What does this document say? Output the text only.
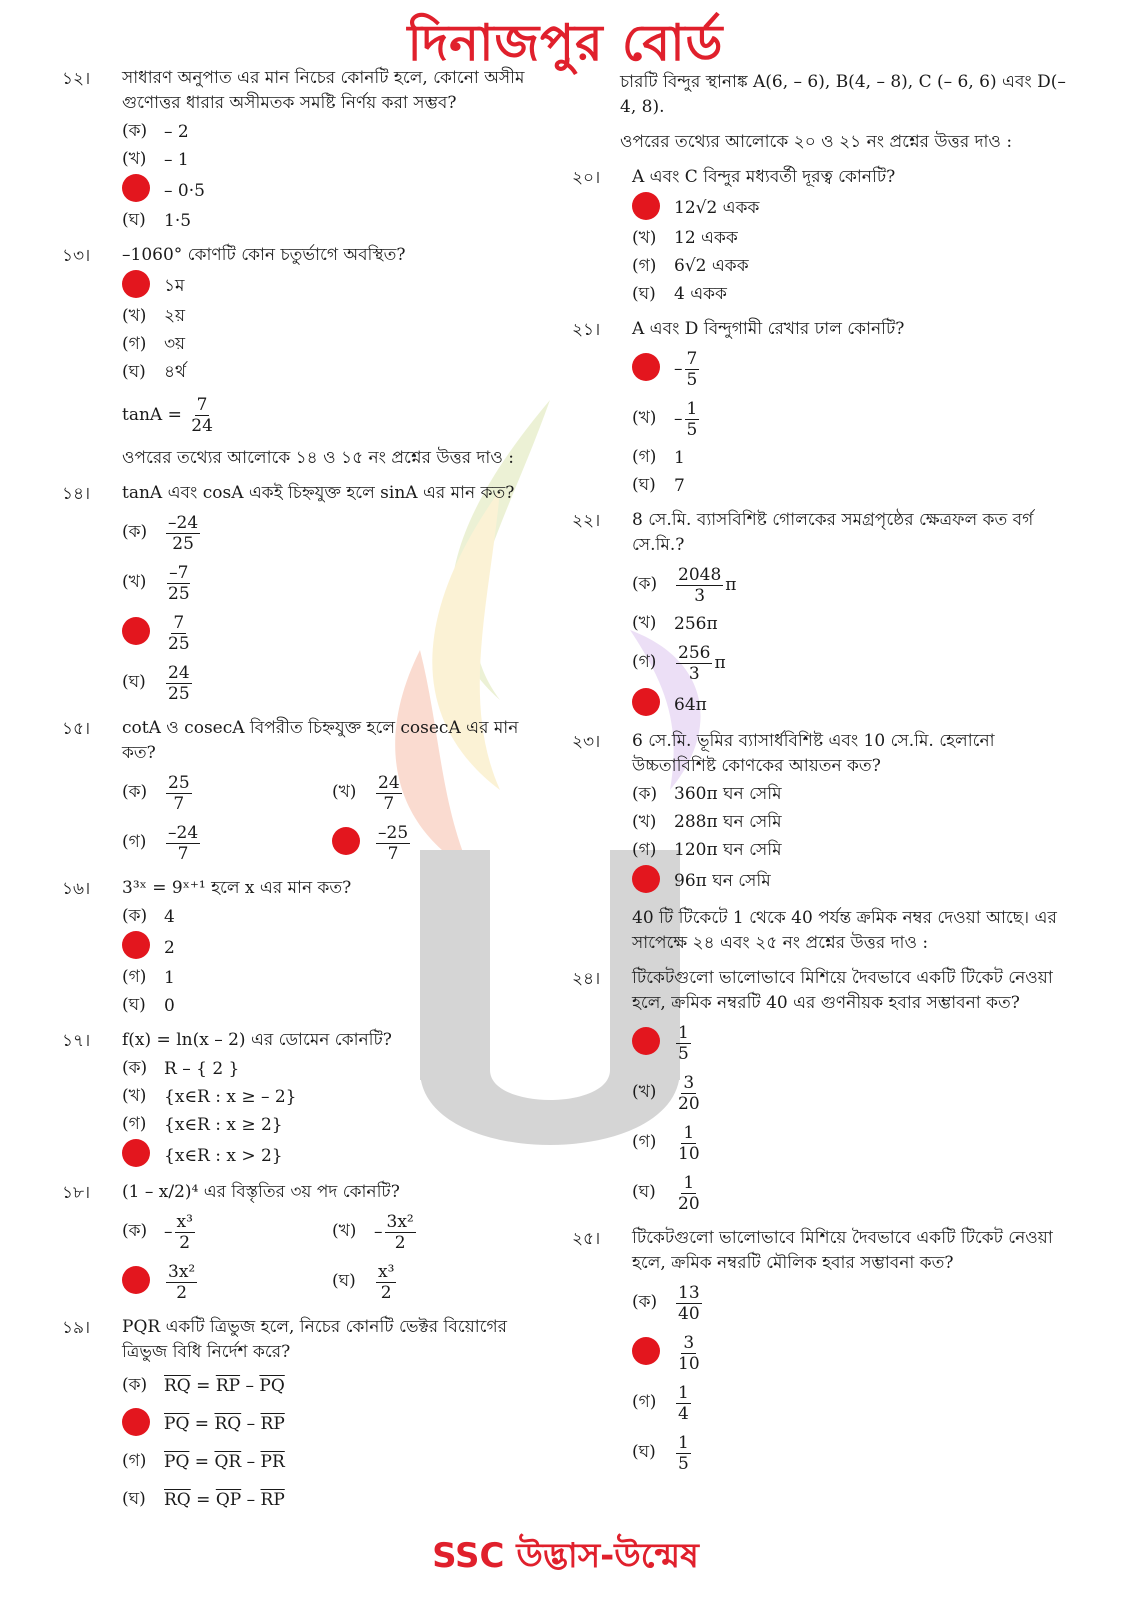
দিনাজপুর বোর্ড
১২। সাধারণ অনুপাত এর মান নিচের কোনটি হলে, কোনো অসীম গুণোত্তর ধারার অসীমতক সমষ্টি নির্ণয় করা সম্ভব?
(ক) – 2
(খ)	– 1
– 0·5
(ঘ)	1·5
১৩। –1060° কোণটি কোন চতুর্ভাগে অবস্থিত?
১ম
(খ)	২য়
(গ)	৩য়
(ঘ)	৪র্থ
$\tan A = \frac{7}{24}$
ওপরের তথ্যের আলোকে ১৪ ও ১৫ নং প্রশ্নের উত্তর দাও :
১৪। tanA এবং cosA একই চিহ্নযুক্ত হলে sinA এর মান কত?
(ক)	$\frac{-24}{25}$
(খ)	$\frac{-7}{25}$
$\frac{7}{25}$
(ঘ)	$\frac{24}{25}$
১৫। cotA ও cosecA বিপরীত চিহ্নযুক্ত হলে cosecA এর মান কত?
(ক)	$\frac{25}{7}$	(খ)	$\frac{24}{7}$
(গ)	$\frac{-24}{7}$	$\frac{-25}{7}$
১৬। 3³ˣ = 9ˣ⁺¹ হলে x এর মান কত?
(ক) 4
2
(গ)	1
(ঘ)	0
১৭। f(x) = ln(x – 2) এর ডোমেন কোনটি?
(ক) R – { 2 }
(খ)	{x∈R : x ≥ – 2}
(গ)	{x∈R : x ≥ 2}
{x∈R : x > 2}
১৮। (1 – x/2)⁴ এর বিস্তৃতির ৩য় পদ কোনটি?
(ক) – $\frac{\text{x³}}{2}$	(খ)	– $\frac{\text{3x²}}{2}$
$\frac{\text{3x²}}{2}$	(ঘ)	$\frac{\text{x³}}{2}$
১৯। PQR একটি ত্রিভুজ হলে, নিচের কোনটি ভেক্টর বিয়োগের ত্রিভুজ বিধি নির্দেশ করে?
(ক) $\overline{RQ} = \overline{RP} - \overline{PQ}$
$\overline{PQ} = \overline{RQ} - \overline{RP}$
(গ)	$\overline{PQ} = \overline{QR} - \overline{PR}$
(ঘ)	$\overline{RQ} = \overline{QP} - \overline{RP}$
চারটি বিন্দুর স্থানাঙ্ক A(6, – 6), B(4, – 8), C (– 6, 6) এবং D(– 4, 8).
ওপরের তথ্যের আলোকে ২০ ও ২১ নং প্রশ্নের উত্তর দাও :
২০। A এবং C বিন্দুর মধ্যবর্তী দূরত্ব কোনটি?
12√2 একক
(খ)	12 একক
(গ)	6√2 একক
(ঘ)	4 একক
২১। A এবং D বিন্দুগামী রেখার ঢাল কোনটি?
– $\frac{7}{5}$
(খ)	– $\frac{1}{5}$
(গ)	1
(ঘ)	7
২২। 8 সে.মি. ব্যাসবিশিষ্ট গোলকের সমগ্রপৃষ্ঠের ক্ষেত্রফল কত বর্গ সে.মি.?
(ক)	$\frac{2048}{3}$ π
(খ)	256π
(গ)	$\frac{256}{3}$ π
64π
২৩। 6 সে.মি. ভূমির ব্যাসার্ধবিশিষ্ট এবং 10 সে.মি. হেলানো উচ্চতাবিশিষ্ট কোণকের আয়তন কত?
(ক) 360π ঘন সেমি
(খ)	288π ঘন সেমি
(গ)	120π ঘন সেমি
96π ঘন সেমি
40 টি টিকেটে 1 থেকে 40 পর্যন্ত ক্রমিক নম্বর দেওয়া আছে। এর সাপেক্ষে ২৪ এবং ২৫ নং প্রশ্নের উত্তর দাও :
২৪। টিকেটগুলো ভালোভাবে মিশিয়ে দৈবভাবে একটি টিকেট নেওয়া হলে, ক্রমিক নম্বরটি 40 এর গুণনীয়ক হবার সম্ভাবনা কত?
$\frac{1}{5}$
(খ)	$\frac{3}{20}$
(গ)	$\frac{1}{10}$
(ঘ)	$\frac{1}{20}$
২৫। টিকেটগুলো ভালোভাবে মিশিয়ে দৈবভাবে একটি টিকেট নেওয়া হলে, ক্রমিক নম্বরটি মৌলিক হবার সম্ভাবনা কত?
(ক)	$\frac{13}{40}$
$\frac{3}{10}$
(গ)	$\frac{1}{4}$
(ঘ)	$\frac{1}{5}$
SSC উদ্ভাস-উন্মেষ
